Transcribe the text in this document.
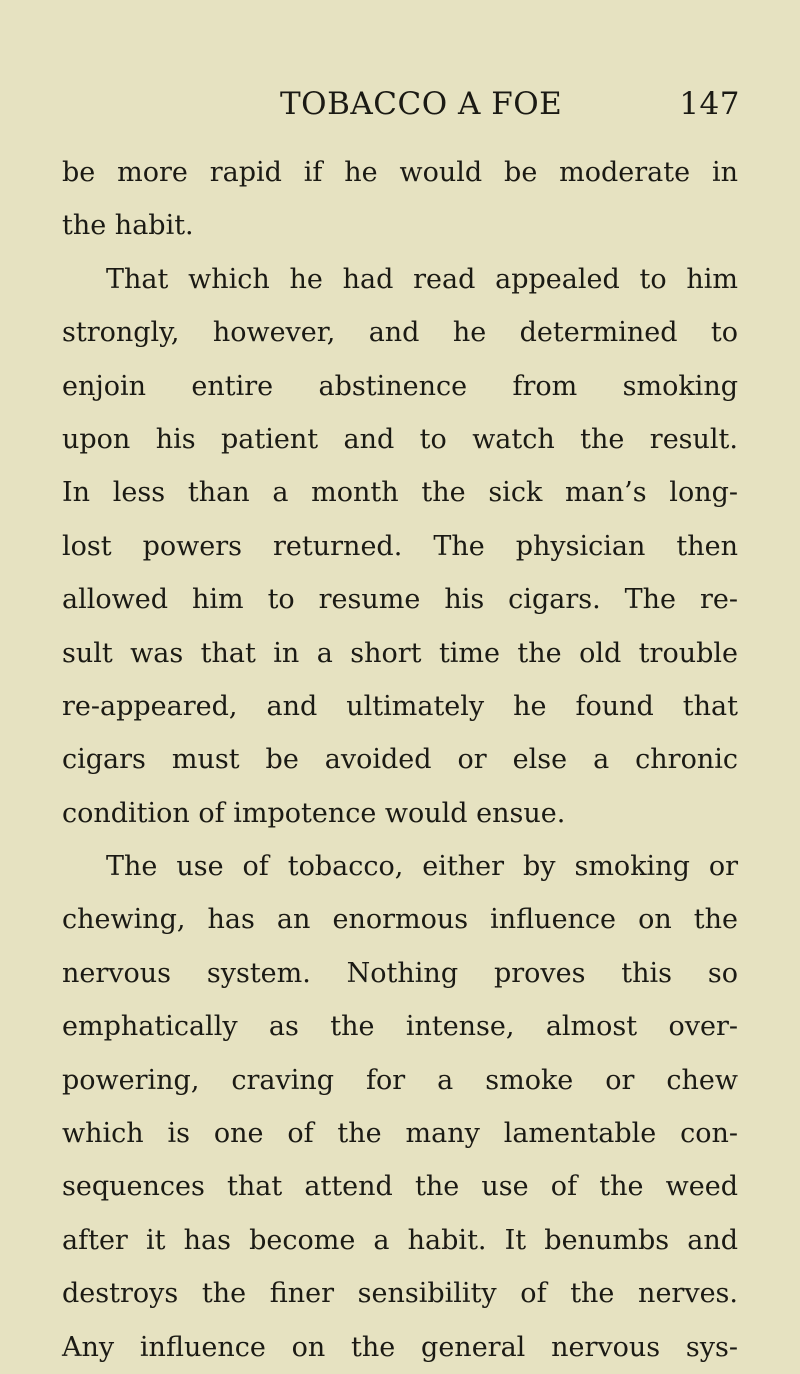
TOBACCO A FOE	147
be more rapid if he would be moderate in
the habit.
That which he had read appealed to him
strongly, however, and he determined to
enjoin entire abstinence from smoking
upon his patient and to watch the result.
In less than a month the sick man’s long-
lost powers returned. The physician then
allowed him to resume his cigars. The re-
sult was that in a short time the old trouble
re-appeared, and ultimately he found that
cigars must be avoided or else a chronic
condition of impotence would ensue.
The use of tobacco, either by smoking or
chewing, has an enormous influence on the
nervous system. Nothing proves this so
emphatically as the intense, almost over-
powering, craving for a smoke or chew
which is one of the many lamentable con-
sequences that attend the use of the weed
after it has become a habit. It benumbs and
destroys the finer sensibility of the nerves.
Any influence on the general nervous sys-
